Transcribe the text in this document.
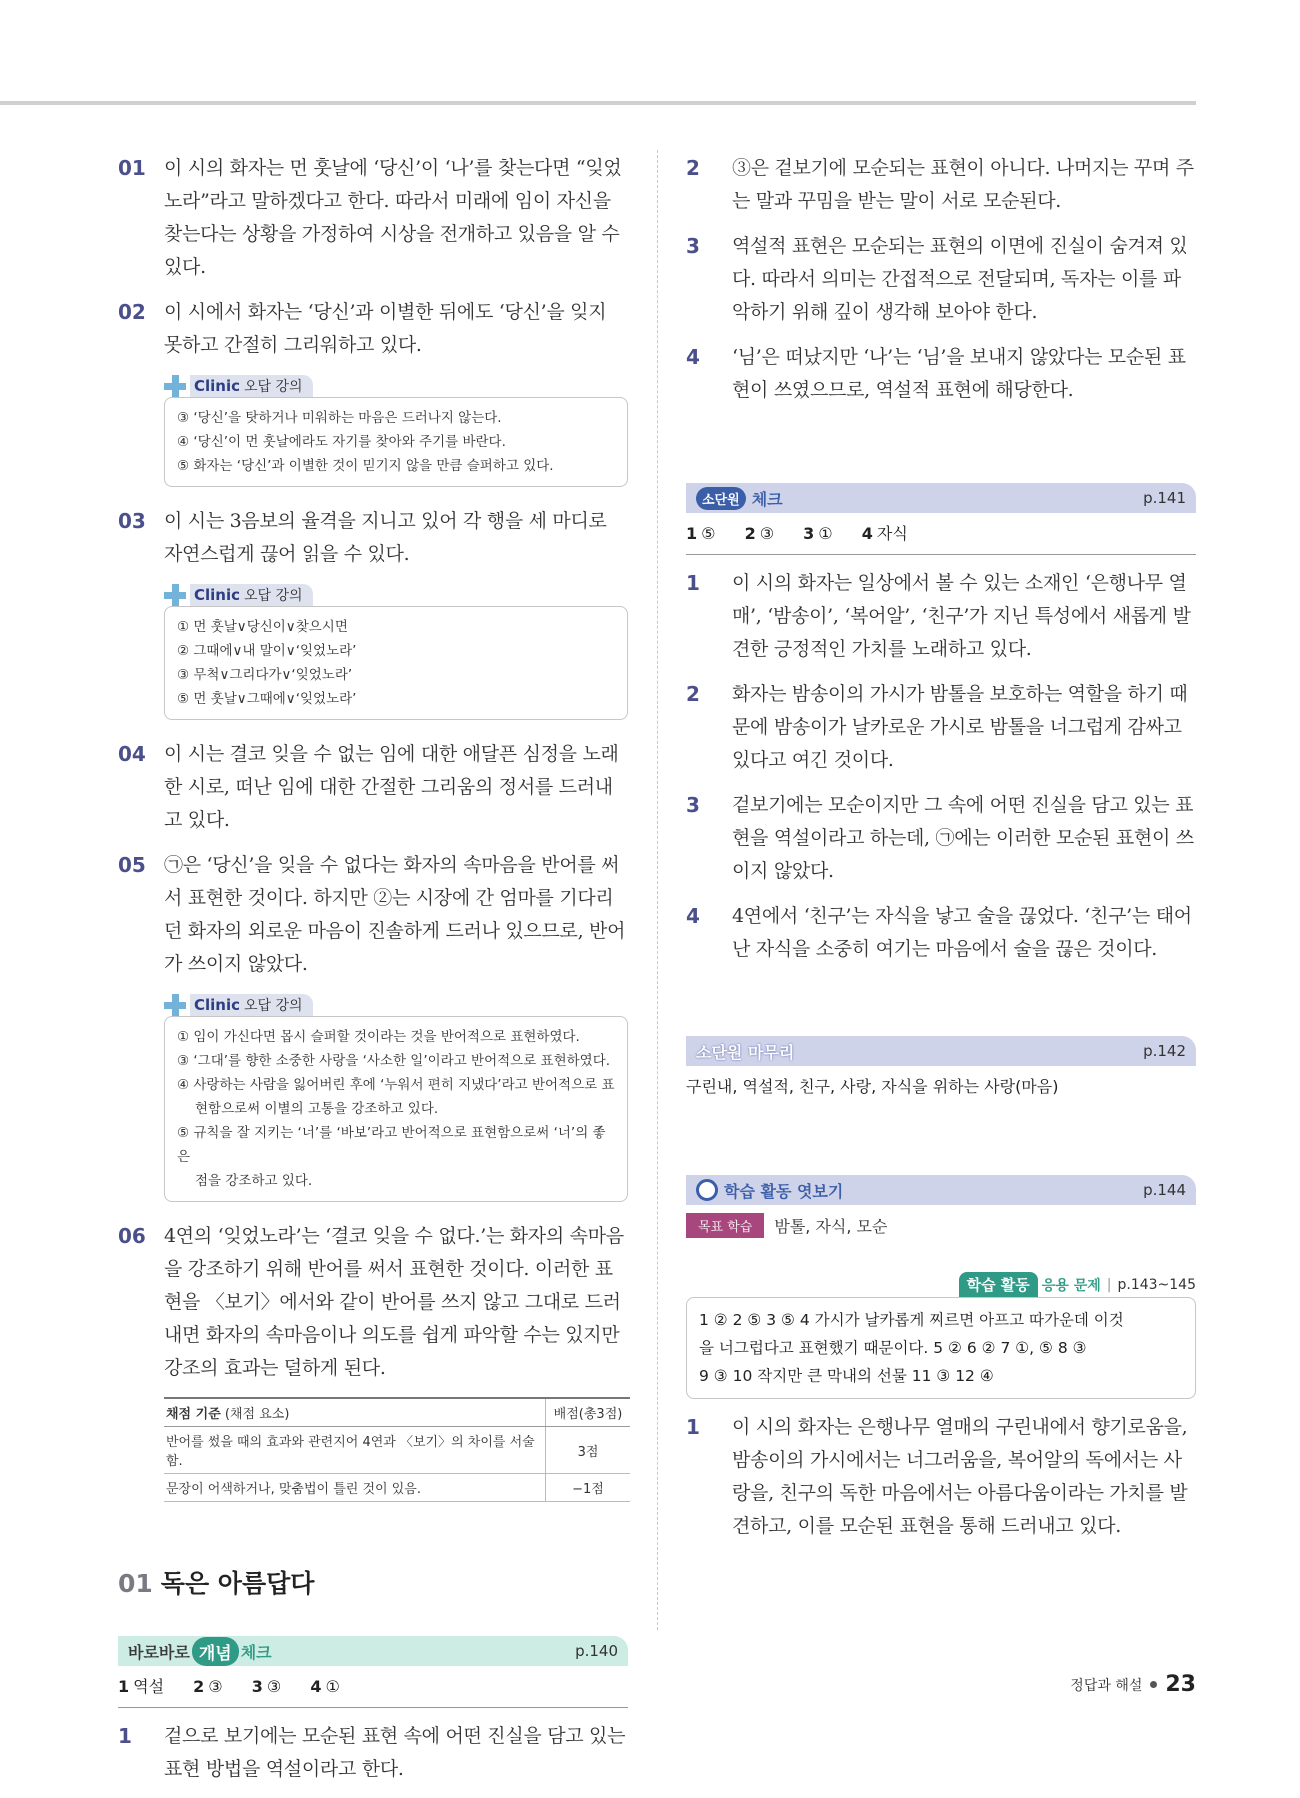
01 이 시의 화자는 먼 훗날에 ‘당신’이 ‘나’를 찾는다면 “잊었노라”라고 말하겠다고 한다. 따라서 미래에 임이 자신을 찾는다는 상황을 가정하여 시상을 전개하고 있음을 알 수 있다.
02 이 시에서 화자는 ‘당신’과 이별한 뒤에도 ‘당신’을 잊지 못하고 간절히 그리워하고 있다.
Clinic 오답 강의
③ ‘당신’을 탓하거나 미워하는 마음은 드러나지 않는다.
④ ‘당신’이 먼 훗날에라도 자기를 찾아와 주기를 바란다.
⑤ 화자는 ‘당신’과 이별한 것이 믿기지 않을 만큼 슬퍼하고 있다.
03 이 시는 3음보의 율격을 지니고 있어 각 행을 세 마디로 자연스럽게 끊어 읽을 수 있다.
Clinic 오답 강의
① 먼 훗날∨당신이∨찾으시면
② 그때에∨내 말이∨‘잊었노라’
③ 무척∨그리다가∨‘잊었노라’
⑤ 먼 훗날∨그때에∨‘잊었노라’
04 이 시는 결코 잊을 수 없는 임에 대한 애달픈 심정을 노래한 시로, 떠난 임에 대한 간절한 그리움의 정서를 드러내고 있다.
05 ㉠은 ‘당신’을 잊을 수 없다는 화자의 속마음을 반어를 써서 표현한 것이다. 하지만 ②는 시장에 간 엄마를 기다리던 화자의 외로운 마음이 진솔하게 드러나 있으므로, 반어가 쓰이지 않았다.
Clinic 오답 강의
① 임이 가신다면 몹시 슬퍼할 것이라는 것을 반어적으로 표현하였다.
③ ‘그대’를 향한 소중한 사랑을 ‘사소한 일’이라고 반어적으로 표현하였다.
④ 사랑하는 사람을 잃어버린 후에 ‘누워서 편히 지냈다’라고 반어적으로 표
현함으로써 이별의 고통을 강조하고 있다.
⑤ 규칙을 잘 지키는 ‘너’를 ‘바보’라고 반어적으로 표현함으로써 ‘너’의 좋은
점을 강조하고 있다.
06 4연의 ‘잊었노라’는 ‘결코 잊을 수 없다.’는 화자의 속마음을 강조하기 위해 반어를 써서 표현한 것이다. 이러한 표현을 〈보기〉에서와 같이 반어를 쓰지 않고 그대로 드러내면 화자의 속마음이나 의도를 쉽게 파악할 수는 있지만 강조의 효과는 덜하게 된다.
채점 기준 (채점 요소)	배점(총3점)
반어를 썼을 때의 효과와 관련지어 4연과 〈보기〉의 차이를 서술함.	3점
문장이 어색하거나, 맞춤법이 틀린 것이 있음.	−1점
01 독은 아름답다
바로바로 개념 체크	p.140
1 역설 2 ③ 3 ③ 4 ①
1	겉으로 보기에는 모순된 표현 속에 어떤 진실을 담고 있는 표현 방법을 역설이라고 한다.
2	③은 겉보기에 모순되는 표현이 아니다. 나머지는 꾸며 주는 말과 꾸밈을 받는 말이 서로 모순된다.
3	역설적 표현은 모순되는 표현의 이면에 진실이 숨겨져 있다. 따라서 의미는 간접적으로 전달되며, 독자는 이를 파악하기 위해 깊이 생각해 보아야 한다.
4	‘님’은 떠났지만 ‘나’는 ‘님’을 보내지 않았다는 모순된 표현이 쓰였으므로, 역설적 표현에 해당한다.
소단원 체크	p.141
1 ⑤ 2 ③ 3 ① 4 자식
1	이 시의 화자는 일상에서 볼 수 있는 소재인 ‘은행나무 열매’, ‘밤송이’, ‘복어알’, ‘친구’가 지닌 특성에서 새롭게 발견한 긍정적인 가치를 노래하고 있다.
2	화자는 밤송이의 가시가 밤톨을 보호하는 역할을 하기 때문에 밤송이가 날카로운 가시로 밤톨을 너그럽게 감싸고 있다고 여긴 것이다.
3	겉보기에는 모순이지만 그 속에 어떤 진실을 담고 있는 표현을 역설이라고 하는데, ㉠에는 이러한 모순된 표현이 쓰이지 않았다.
4	4연에서 ‘친구’는 자식을 낳고 술을 끊었다. ‘친구’는 태어난 자식을 소중히 여기는 마음에서 술을 끊은 것이다.
소단원 마무리	p.142
구린내, 역설적, 친구, 사랑, 자식을 위하는 사랑(마음)
학습 활동 엿보기	p.144
목표 학습	밤톨, 자식, 모순
학습 활동 응용 문제 | p.143~145
1 ② 2 ⑤ 3 ⑤ 4 가시가 날카롭게 찌르면 아프고 따가운데 이것
을 너그럽다고 표현했기 때문이다. 5 ② 6 ② 7 ①, ⑤ 8 ③
9 ③ 10 작지만 큰 막내의 선물 11 ③ 12 ④
1	이 시의 화자는 은행나무 열매의 구린내에서 향기로움을, 밤송이의 가시에서는 너그러움을, 복어알의 독에서는 사랑을, 친구의 독한 마음에서는 아름다움이라는 가치를 발견하고, 이를 모순된 표현을 통해 드러내고 있다.
정답과 해설 23
